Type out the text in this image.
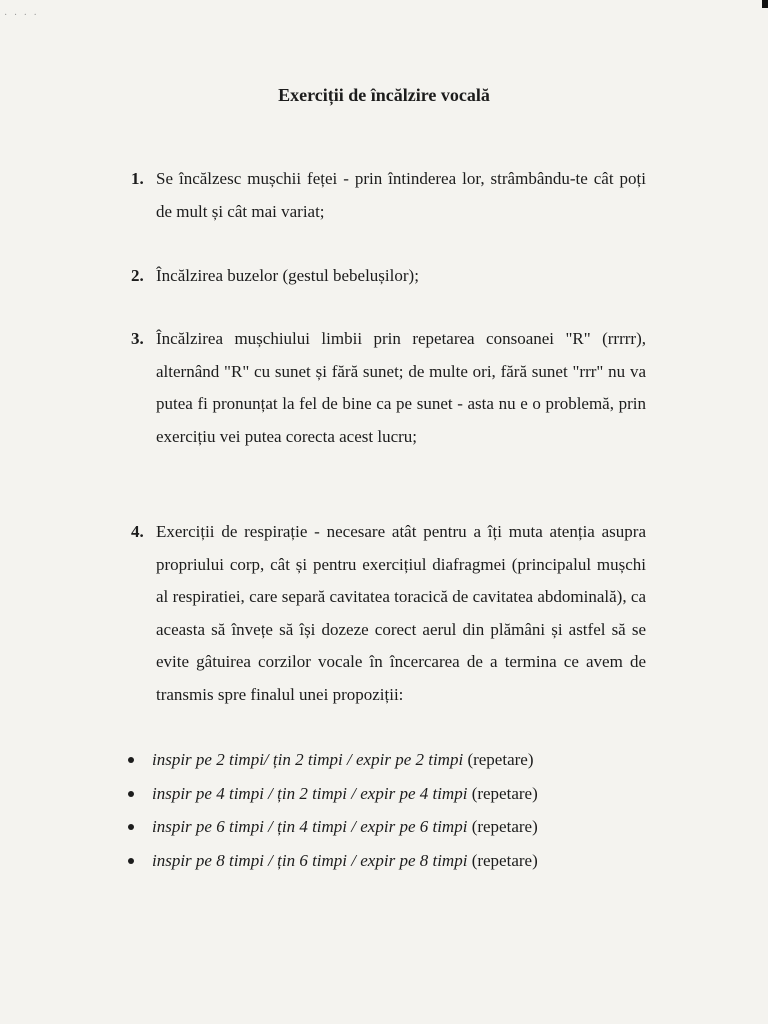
· · · ·
Exerciții de încălzire vocală
1. Se încălzesc mușchii feței - prin întinderea lor, strâmbându-te cât poți de mult și cât mai variat;
2. Încălzirea buzelor (gestul bebelușilor);
3. Încălzirea mușchiului limbii prin repetarea consoanei "R" (rrrrr), alternând "R" cu sunet și fără sunet; de multe ori, fără sunet "rrr" nu va putea fi pronunțat la fel de bine ca pe sunet - asta nu e o problemă, prin exercițiu vei putea corecta acest lucru;
4. Exerciții de respirație - necesare atât pentru a îți muta atenția asupra propriului corp, cât și pentru exercițiul diafragmei (principalul mușchi al respiratiei, care separă cavitatea toracică de cavitatea abdominală), ca aceasta să învețe să își dozeze corect aerul din plămâni și astfel să se evite gâtuirea corzilor vocale în încercarea de a termina ce avem de transmis spre finalul unei propoziții:
inspir pe 2 timpi/ țin 2 timpi / expir pe 2 timpi (repetare)
inspir pe 4 timpi / țin 2 timpi / expir pe 4 timpi (repetare)
inspir pe 6 timpi / țin 4 timpi / expir pe 6 timpi (repetare)
inspir pe 8 timpi / țin 6 timpi / expir pe 8 timpi (repetare)
